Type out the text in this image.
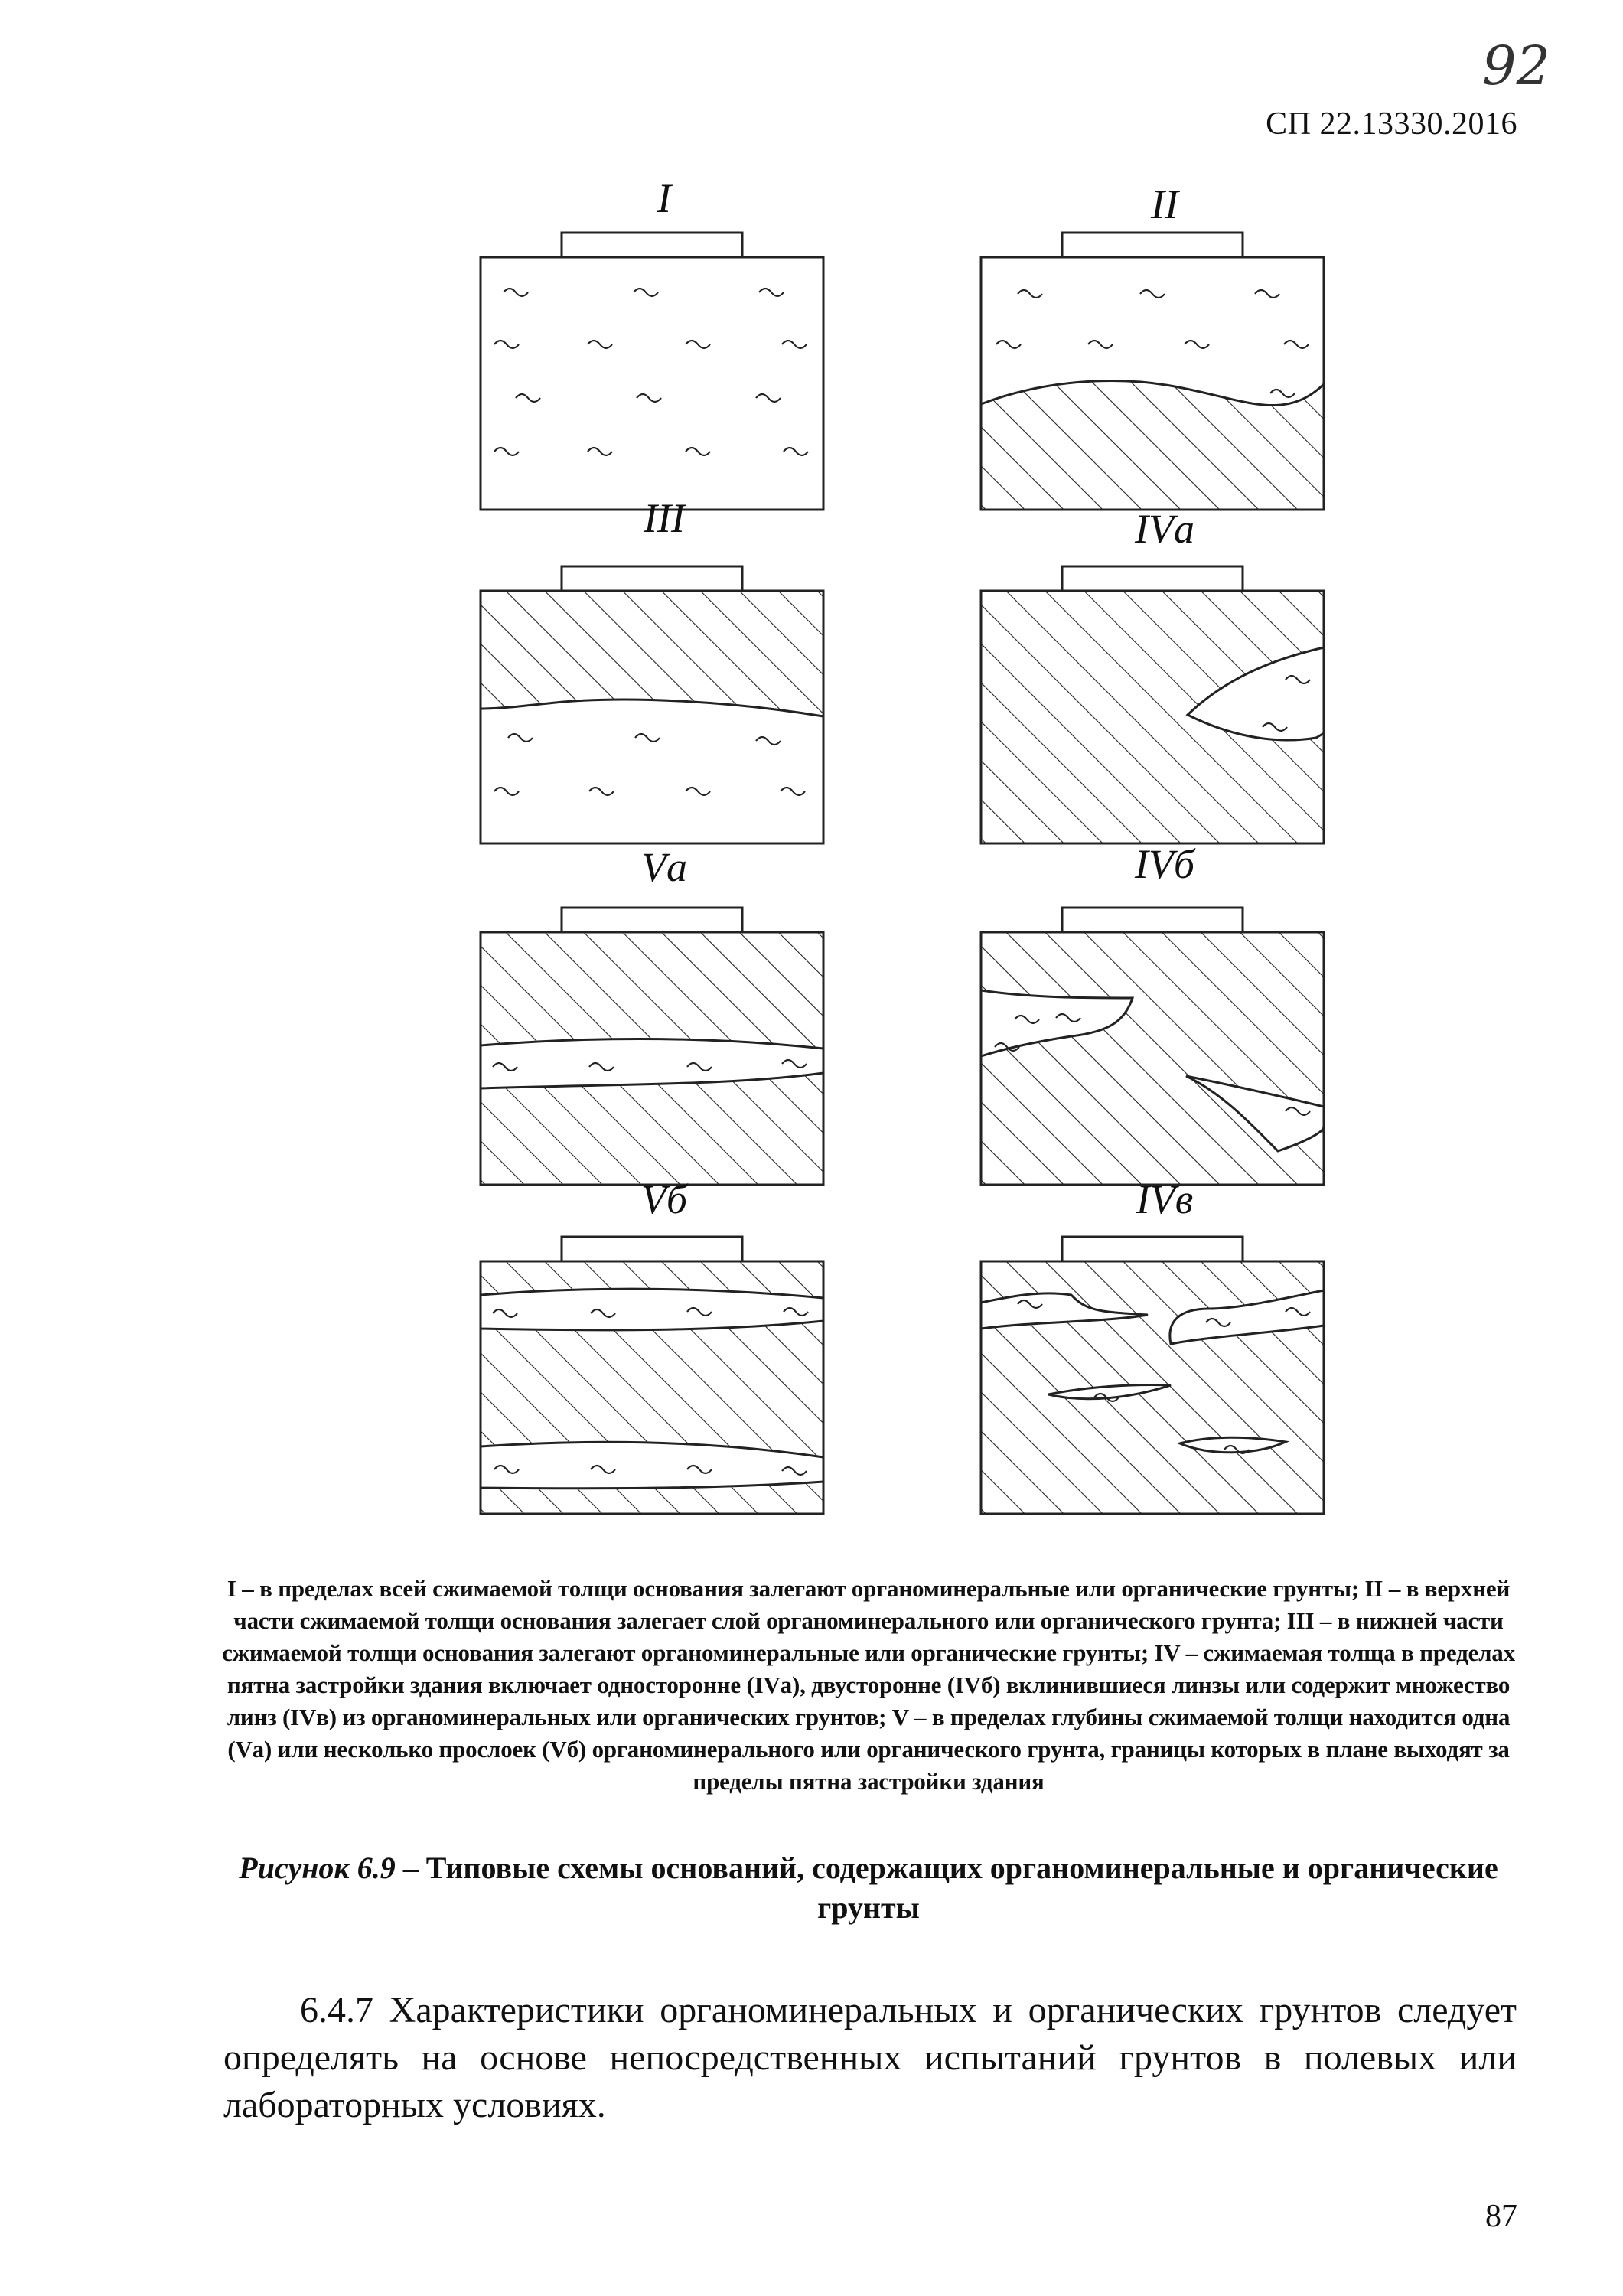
92
СП 22.13330.2016
I	II
III	IVа
Vа	IVб
Vб	IVв
I – в пределах всей сжимаемой толщи основания залегают органоминеральные или органические грунты; II – в верхней части сжимаемой толщи основания залегает слой органоминерального или органического грунта; III – в нижней части сжимаемой толщи основания залегают органоминеральные или органические грунты; IV – сжимаемая толща в пределах пятна застройки здания включает односторонне (IVа), двусторонне (IVб) вклинившиеся линзы или содержит множество линз (IVв) из органоминеральных или органических грунтов; V – в пределах глубины сжимаемой толщи находится одна (Vа) или несколько прослоек (Vб) органоминерального или органического грунта, границы которых в плане выходят за пределы пятна застройки здания
Рисунок 6.9 – Типовые схемы оснований, содержащих органоминеральные и органические грунты
6.4.7 Характеристики органоминеральных и органических грунтов следует определять на основе непосредственных испытаний грунтов в полевых или лабораторных условиях.
87
